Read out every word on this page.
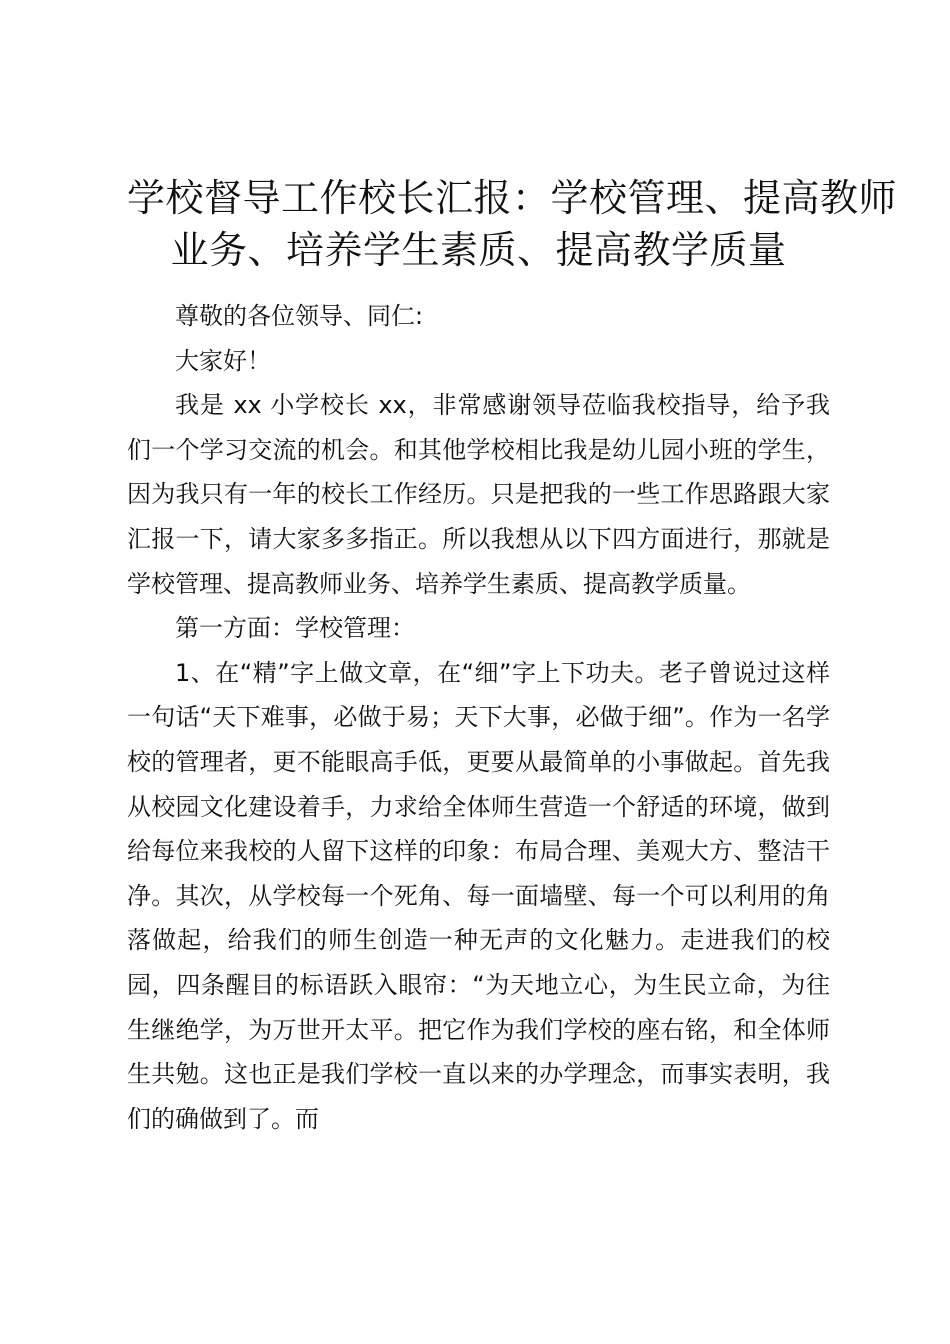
学校督导工作校长汇报：学校管理、提高教师
业务、培养学生素质、提高教学质量

尊敬的各位领导、同仁:

大家好！

我是 xx 小学校长 xx，非常感谢领导莅临我校指导，给予我们一个学习交流的机会。和其他学校相比我是幼儿园小班的学生，因为我只有一年的校长工作经历。只是把我的一些工作思路跟大家汇报一下，请大家多多指正。所以我想从以下四方面进行，那就是学校管理、提高教师业务、培养学生素质、提高教学质量。

第一方面：学校管理：

1、在“精”字上做文章，在“细”字上下功夫。老子曾说过这样一句话“天下难事，必做于易；天下大事，必做于细”。作为一名学校的管理者，更不能眼高手低，更要从最简单的小事做起。首先我从校园文化建设着手，力求给全体师生营造一个舒适的环境，做到给每位来我校的人留下这样的印象：布局合理、美观大方、整洁干净。其次，从学校每一个死角、每一面墙壁、每一个可以利用的角落做起，给我们的师生创造一种无声的文化魅力。走进我们的校园，四条醒目的标语跃入眼帘：“为天地立心，为生民立命，为往生继绝学，为万世开太平。把它作为我们学校的座右铭，和全体师生共勉。这也正是我们学校一直以来的办学理念，而事实表明，我们的确做到了。而
